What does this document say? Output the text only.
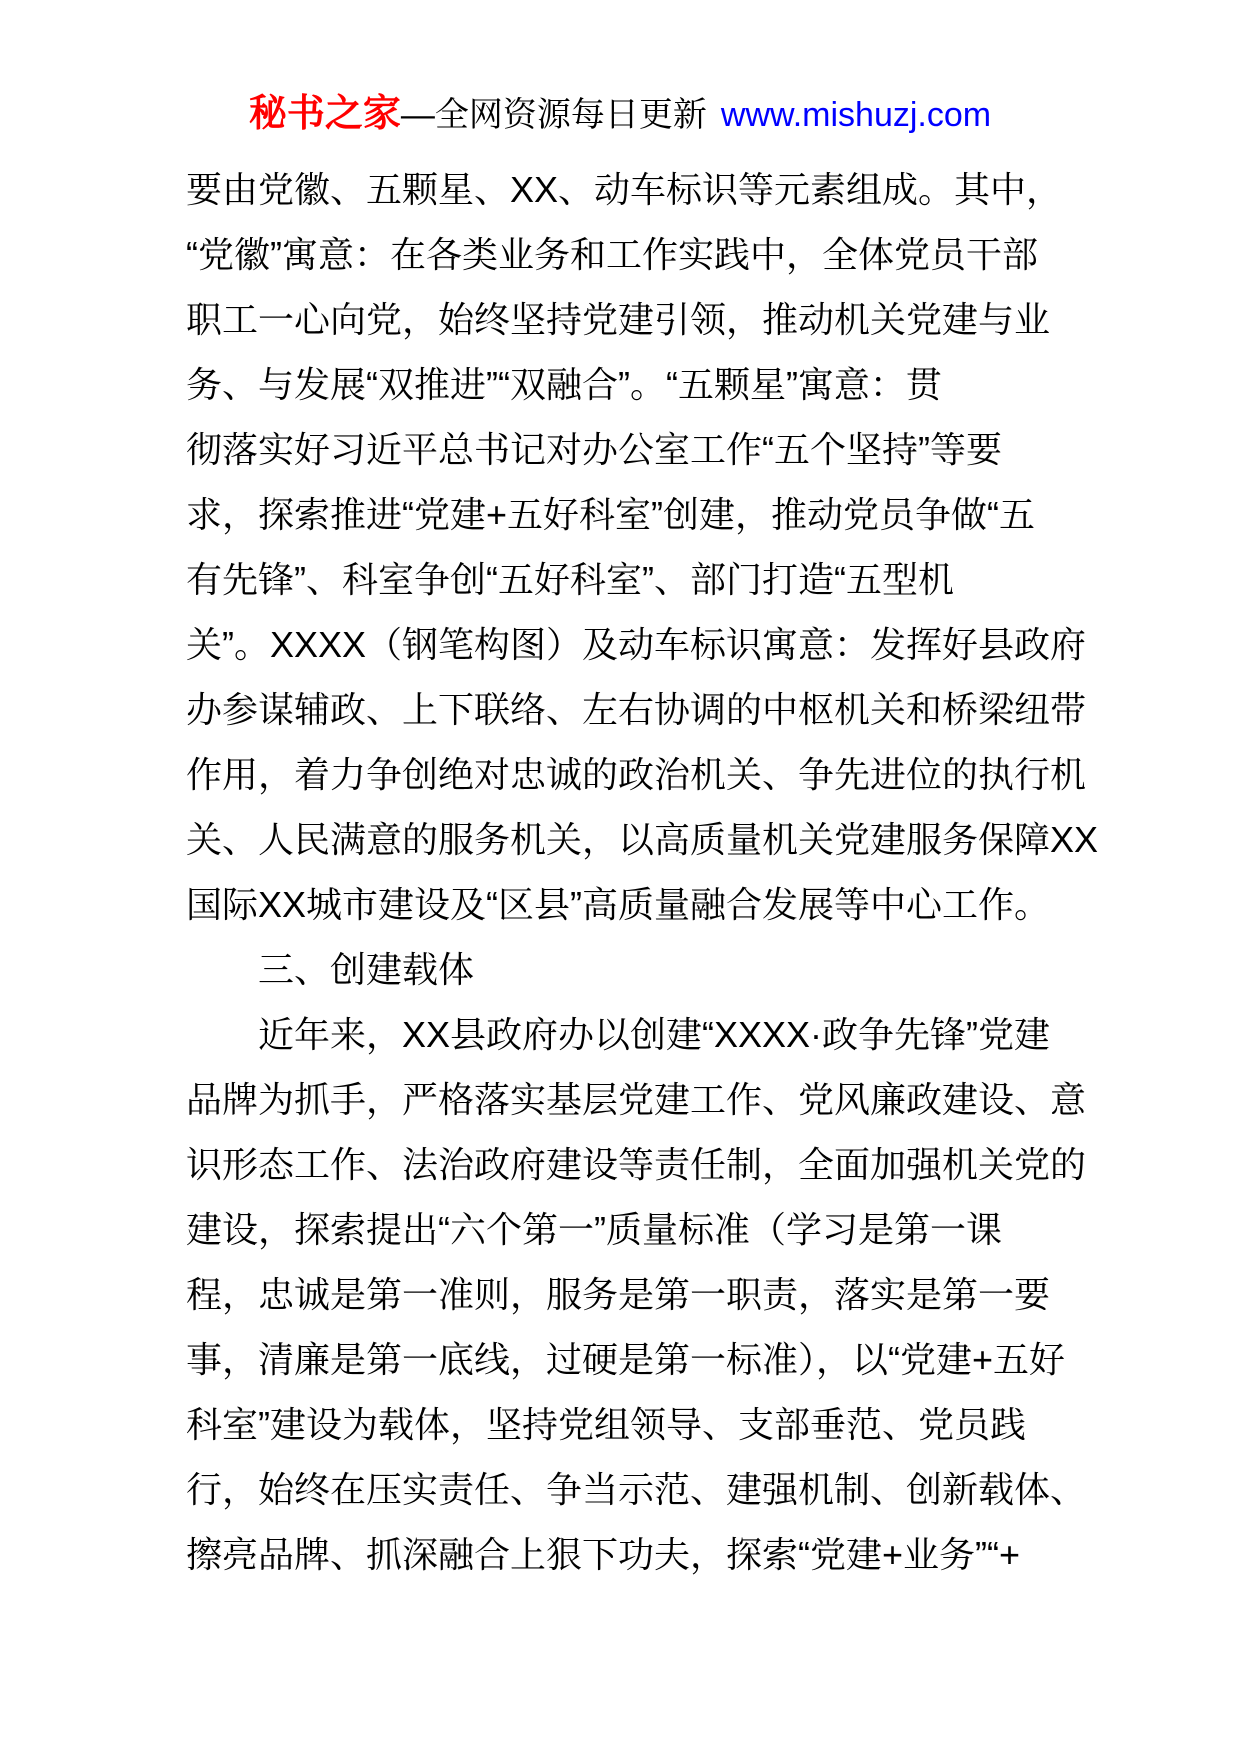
秘书之家—全网资源每日更新 www.mishuzj.com
要由党徽、五颗星、XX、动车标识等元素组成。其中，
“党徽”寓意：在各类业务和工作实践中，全体党员干部
职工一心向党，始终坚持党建引领，推动机关党建与业
务、与发展“双推进”“双融合”。“五颗星”寓意：贯
彻落实好习近平总书记对办公室工作“五个坚持”等要
求，探索推进“党建+五好科室”创建，推动党员争做“五
有先锋”、科室争创“五好科室”、部门打造“五型机
关”。XXXX（钢笔构图）及动车标识寓意：发挥好县政府
办参谋辅政、上下联络、左右协调的中枢机关和桥梁纽带
作用，着力争创绝对忠诚的政治机关、争先进位的执行机
关、人民满意的服务机关，以高质量机关党建服务保障XX
国际XX城市建设及“区县”高质量融合发展等中心工作。
三、创建载体
近年来，XX县政府办以创建“XXXX·政争先锋”党建
品牌为抓手，严格落实基层党建工作、党风廉政建设、意
识形态工作、法治政府建设等责任制，全面加强机关党的
建设，探索提出“六个第一”质量标准（学习是第一课
程，忠诚是第一准则，服务是第一职责，落实是第一要
事，清廉是第一底线，过硬是第一标准），以“党建+五好
科室”建设为载体，坚持党组领导、支部垂范、党员践
行，始终在压实责任、争当示范、建强机制、创新载体、
擦亮品牌、抓深融合上狠下功夫，探索“党建+业务”“+
